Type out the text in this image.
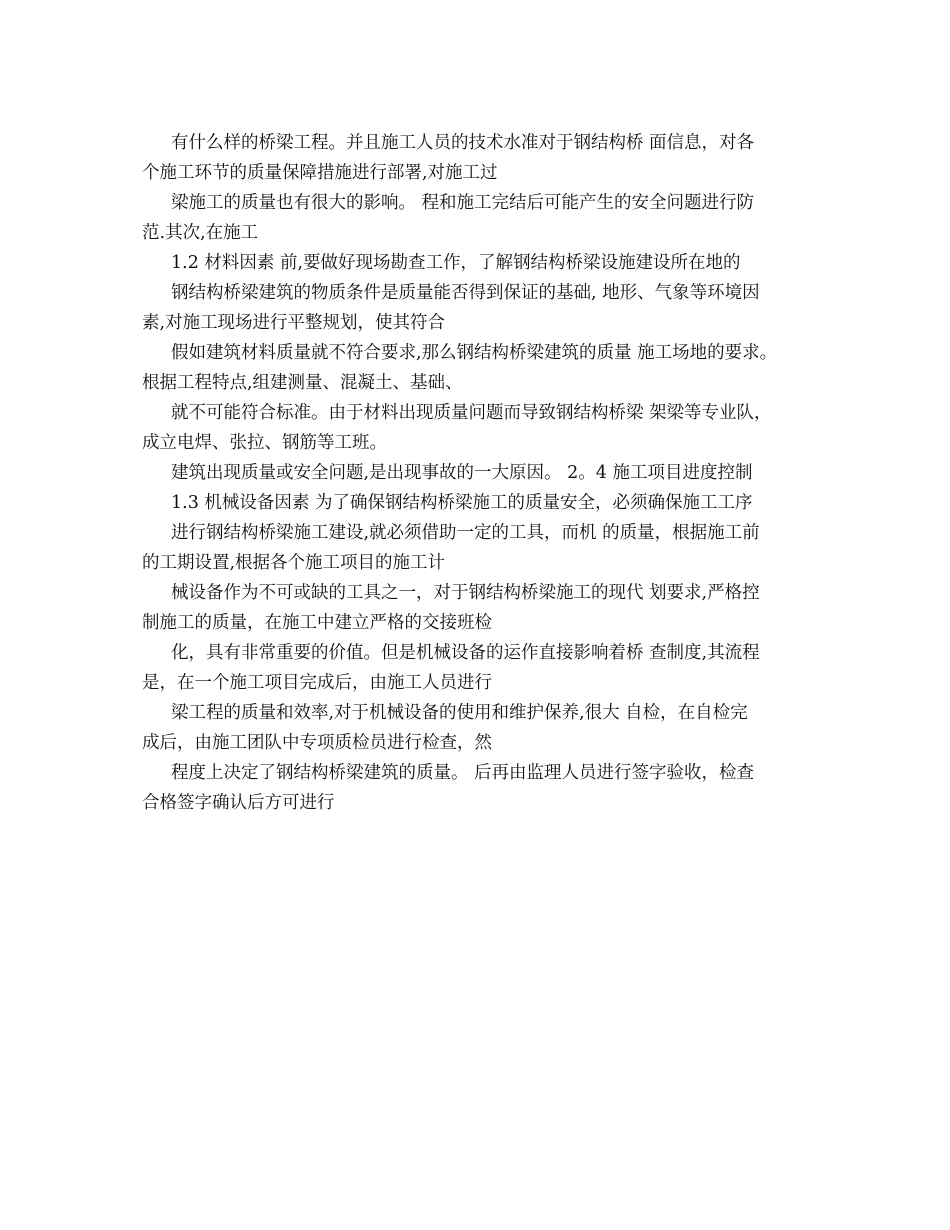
有什么样的桥梁工程。并且施工人员的技术水准对于钢结构桥 面信息，对各
个施工环节的质量保障措施进行部署,对施工过
梁施工的质量也有很大的影响。 程和施工完结后可能产生的安全问题进行防
范.其次,在施工
1.2 材料因素 前,要做好现场勘查工作，了解钢结构桥梁设施建设所在地的
钢结构桥梁建筑的物质条件是质量能否得到保证的基础, 地形、气象等环境因
素,对施工现场进行平整规划，使其符合
假如建筑材料质量就不符合要求,那么钢结构桥梁建筑的质量 施工场地的要求。
根据工程特点,组建测量、混凝土、基础、
就不可能符合标准。由于材料出现质量问题而导致钢结构桥梁 架梁等专业队，
成立电焊、张拉、钢筋等工班。
建筑出现质量或安全问题,是出现事故的一大原因。 2。4 施工项目进度控制
1.3 机械设备因素 为了确保钢结构桥梁施工的质量安全，必须确保施工工序
进行钢结构桥梁施工建设,就必须借助一定的工具，而机 的质量，根据施工前
的工期设置,根据各个施工项目的施工计
械设备作为不可或缺的工具之一，对于钢结构桥梁施工的现代 划要求,严格控
制施工的质量，在施工中建立严格的交接班检
化，具有非常重要的价值。但是机械设备的运作直接影响着桥 查制度,其流程
是，在一个施工项目完成后，由施工人员进行
梁工程的质量和效率,对于机械设备的使用和维护保养,很大 自检，在自检完
成后，由施工团队中专项质检员进行检查，然
程度上决定了钢结构桥梁建筑的质量。 后再由监理人员进行签字验收，检查
合格签字确认后方可进行
